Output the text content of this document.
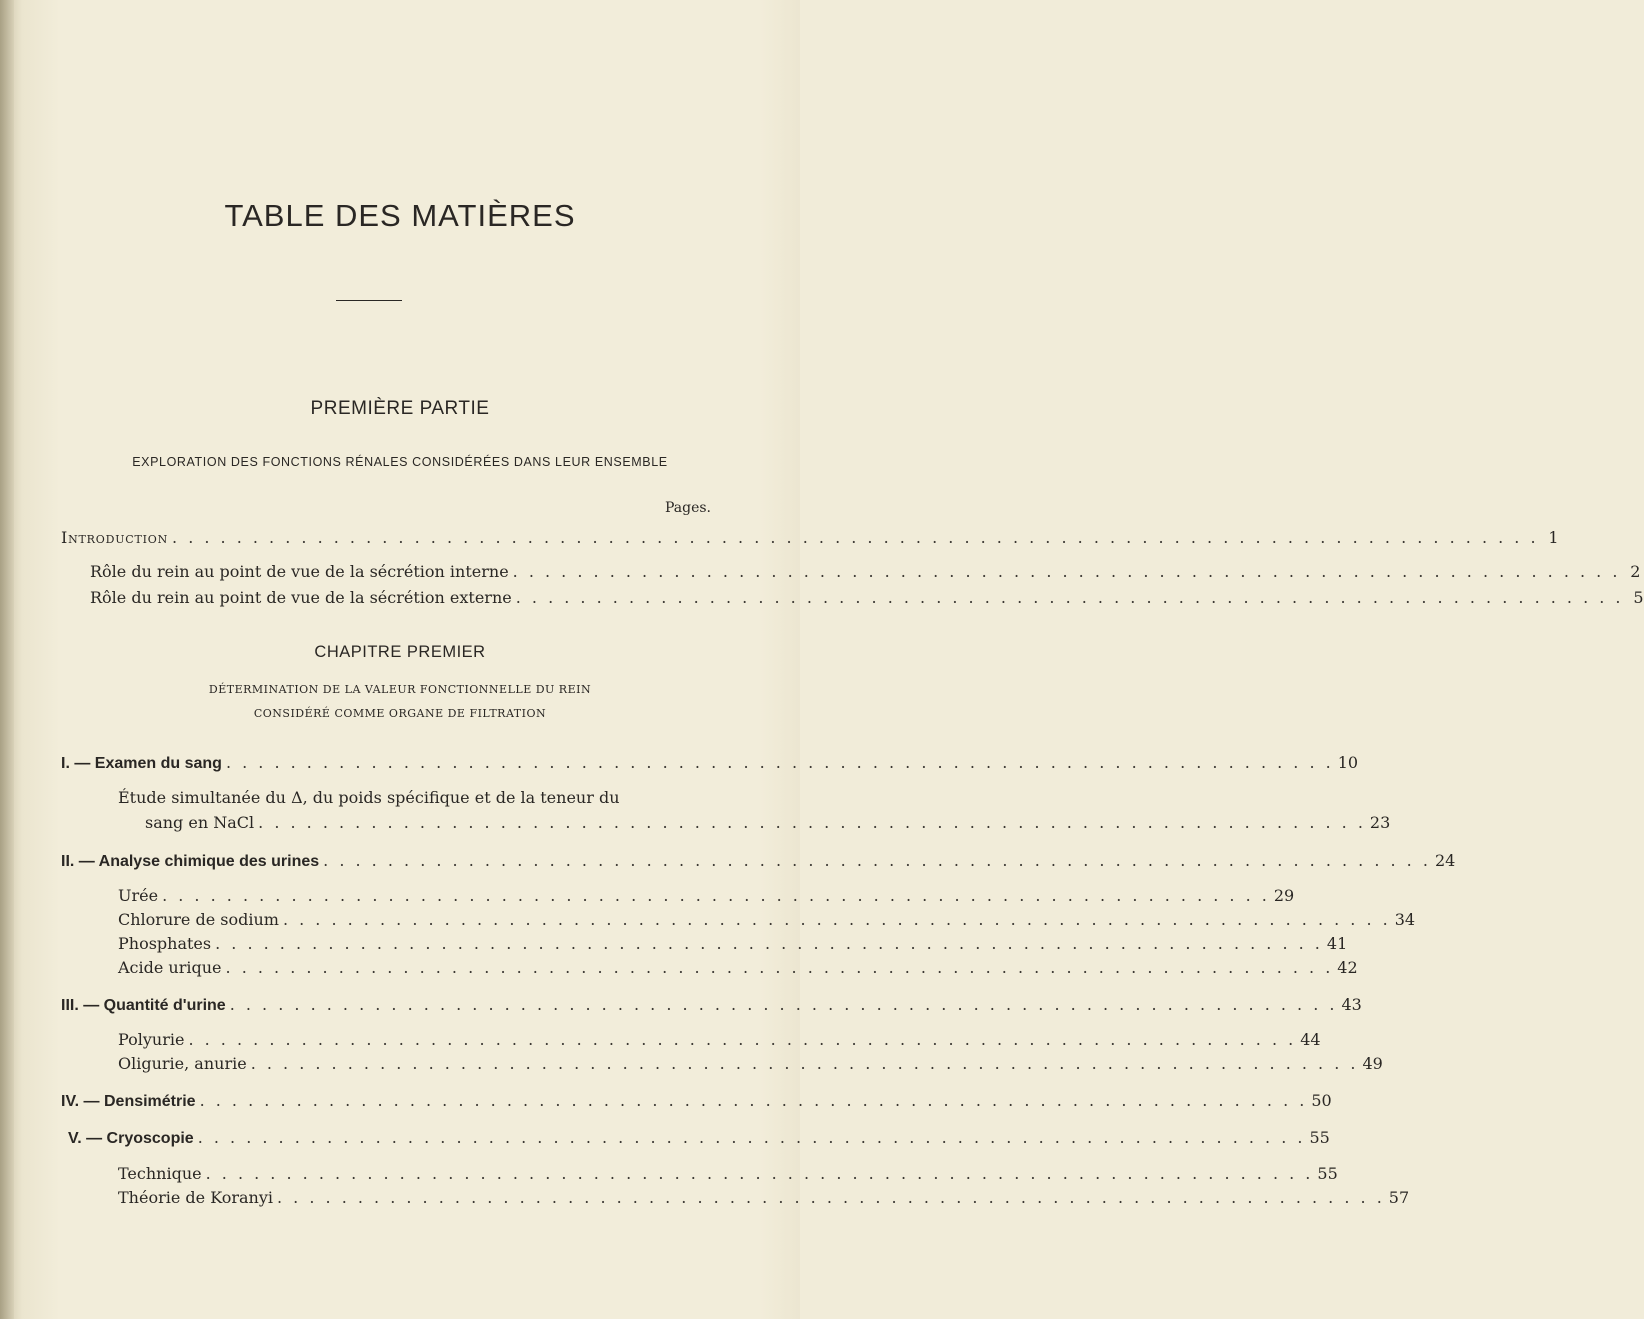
TABLE DES MATIÈRES
PREMIÈRE PARTIE
EXPLORATION DES FONCTIONS RÉNALES CONSIDÉRÉES DANS LEUR ENSEMBLE
Pages.
Introduction . . . . . . . . . . . . . . . . . . . . . . . . . . . . . . . . . . . . . . . . . . . . . . . . . . . . . . . . . . . . . . . . . . . . . . . . . . . . . . . . . . . . . 1
Rôle du rein au point de vue de la sécrétion interne . . . . . . . . . . . . . . . . . . . . . . . . . . . . . . . . . . . . . . . . . . . . . . . . . . . . . . . . . . . . . . . . . . . . . 2
Rôle du rein au point de vue de la sécrétion externe . . . . . . . . . . . . . . . . . . . . . . . . . . . . . . . . . . . . . . . . . . . . . . . . . . . . . . . . . . . . . . . . . . . . . 5
CHAPITRE PREMIER
DÉTERMINATION DE LA VALEUR FONCTIONNELLE DU REIN
CONSIDÉRÉ COMME ORGANE DE FILTRATION
I. — Examen du sang . . . . . . . . . . . . . . . . . . . . . . . . . . . . . . . . . . . . . . . . . . . . . . . . . . . . . . . . . . . . . . . . . . . . . 10
Étude simultanée du Δ, du poids spécifique et de la teneur du
sang en NaCl . . . . . . . . . . . . . . . . . . . . . . . . . . . . . . . . . . . . . . . . . . . . . . . . . . . . . . . . . . . . . . . . . . . . . 23
II. — Analyse chimique des urines . . . . . . . . . . . . . . . . . . . . . . . . . . . . . . . . . . . . . . . . . . . . . . . . . . . . . . . . . . . . . . . . . . . . . 24
Urée . . . . . . . . . . . . . . . . . . . . . . . . . . . . . . . . . . . . . . . . . . . . . . . . . . . . . . . . . . . . . . . . . . . . . 29
Chlorure de sodium . . . . . . . . . . . . . . . . . . . . . . . . . . . . . . . . . . . . . . . . . . . . . . . . . . . . . . . . . . . . . . . . . . . . . 34
Phosphates . . . . . . . . . . . . . . . . . . . . . . . . . . . . . . . . . . . . . . . . . . . . . . . . . . . . . . . . . . . . . . . . . . . . . 41
Acide urique . . . . . . . . . . . . . . . . . . . . . . . . . . . . . . . . . . . . . . . . . . . . . . . . . . . . . . . . . . . . . . . . . . . . . 42
III. — Quantité d'urine . . . . . . . . . . . . . . . . . . . . . . . . . . . . . . . . . . . . . . . . . . . . . . . . . . . . . . . . . . . . . . . . . . . . . 43
Polyurie . . . . . . . . . . . . . . . . . . . . . . . . . . . . . . . . . . . . . . . . . . . . . . . . . . . . . . . . . . . . . . . . . . . . . 44
Oligurie, anurie . . . . . . . . . . . . . . . . . . . . . . . . . . . . . . . . . . . . . . . . . . . . . . . . . . . . . . . . . . . . . . . . . . . . . 49
IV. — Densimétrie . . . . . . . . . . . . . . . . . . . . . . . . . . . . . . . . . . . . . . . . . . . . . . . . . . . . . . . . . . . . . . . . . . . . . 50
V. — Cryoscopie . . . . . . . . . . . . . . . . . . . . . . . . . . . . . . . . . . . . . . . . . . . . . . . . . . . . . . . . . . . . . . . . . . . . . 55
Technique . . . . . . . . . . . . . . . . . . . . . . . . . . . . . . . . . . . . . . . . . . . . . . . . . . . . . . . . . . . . . . . . . . . . . 55
Théorie de Koranyi . . . . . . . . . . . . . . . . . . . . . . . . . . . . . . . . . . . . . . . . . . . . . . . . . . . . . . . . . . . . . . . . . . . . . 57
